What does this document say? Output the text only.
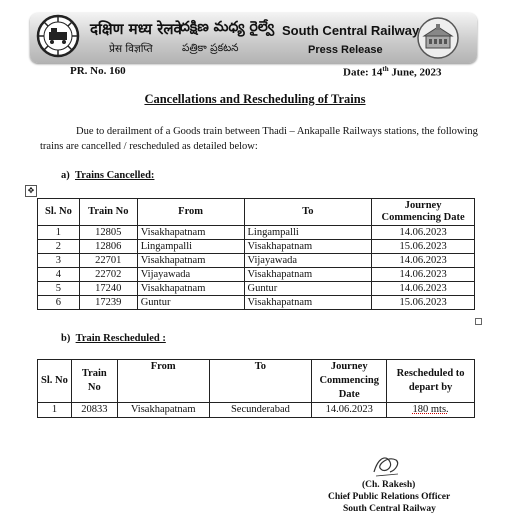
दक्षिण मध्य रेलवे
దక్షిణ మధ్య రైల్వే South Central Railway
प्रेस विज्ञप्ति	పత్రికా ప్రకటన	Press Release
PR. No. 160	Date: 14th June, 2023
Cancellations and Rescheduling of Trains
Due to derailment of a Goods train between Thadi – Ankapalle Railways stations, the following trains are cancelled / rescheduled as detailed below:
a) Trains Cancelled:
✥
Sl. No	Train No	From	To	Journey Commencing Date
1	12805	Visakhapatnam	Lingampalli	14.06.2023
2	12806	Lingampalli	Visakhapatnam	15.06.2023
3	22701	Visakhapatnam	Vijayawada	14.06.2023
4	22702	Vijayawada	Visakhapatnam	14.06.2023
5	17240	Visakhapatnam	Guntur	14.06.2023
6	17239	Guntur	Visakhapatnam	15.06.2023
b) Train Rescheduled :
Sl. No	Train No	From	To	Journey Commencing Date	Rescheduled to depart by
1	20833	Visakhapatnam	Secunderabad	14.06.2023	180 mts.
(Ch. Rakesh)
Chief Public Relations Officer
South Central Railway
